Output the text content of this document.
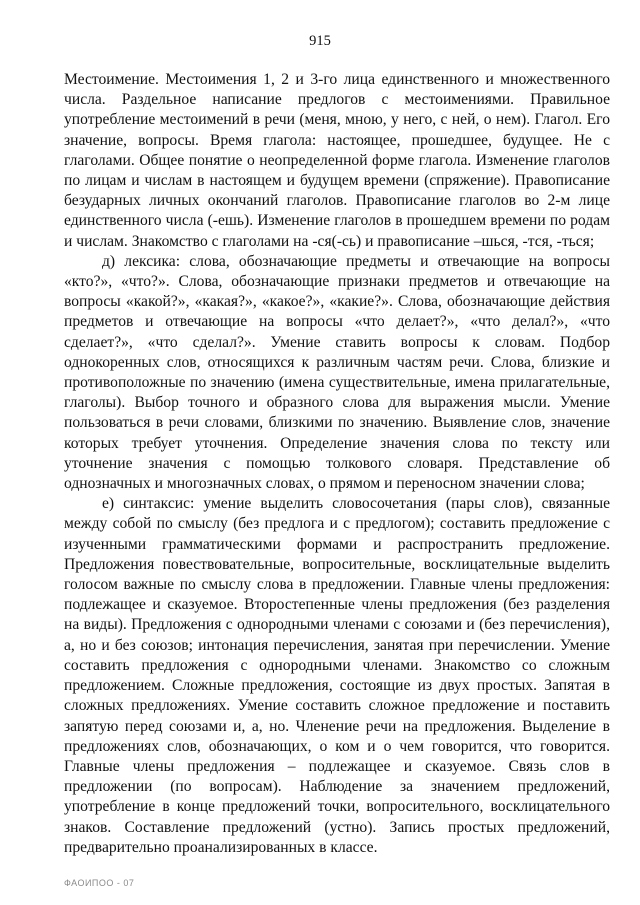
915

Местоимение. Местоимения 1, 2 и 3-го лица единственного и множественного числа. Раздельное написание предлогов с местоимениями. Правильное употребление местоимений в речи (меня, мною, у него, с ней, о нем). Глагол. Его значение, вопросы. Время глагола: настоящее, прошедшее, будущее. Не с глаголами. Общее понятие о неопределенной форме глагола. Изменение глаголов по лицам и числам в настоящем и будущем времени (спряжение). Правописание безударных личных окончаний глаголов. Правописание глаголов во 2-м лице единственного числа (-ешь). Изменение глаголов в прошедшем времени по родам и числам. Знакомство с глаголами на -ся(-сь) и правописание –шься, -тся, -ться;

д) лексика: слова, обозначающие предметы и отвечающие на вопросы «кто?», «что?». Слова, обозначающие признаки предметов и отвечающие на вопросы «какой?», «какая?», «какое?», «какие?». Слова, обозначающие действия предметов и отвечающие на вопросы «что делает?», «что делал?», «что сделает?», «что сделал?». Умение ставить вопросы к словам. Подбор однокоренных слов, относящихся к различным частям речи. Слова, близкие и противоположные по значению (имена существительные, имена прилагательные, глаголы). Выбор точного и образного слова для выражения мысли. Умение пользоваться в речи словами, близкими по значению. Выявление слов, значение которых требует уточнения. Определение значения слова по тексту или уточнение значения с помощью толкового словаря. Представление об однозначных и многозначных словах, о прямом и переносном значении слова;

е) синтаксис: умение выделить словосочетания (пары слов), связанные между собой по смыслу (без предлога и с предлогом); составить предложение с изученными грамматическими формами и распространить предложение. Предложения повествовательные, вопросительные, восклицательные выделить голосом важные по смыслу слова в предложении. Главные члены предложения: подлежащее и сказуемое. Второстепенные члены предложения (без разделения на виды). Предложения с однородными членами с союзами и (без перечисления), а, но и без союзов; интонация перечисления, занятая при перечислении. Умение составить предложения с однородными членами. Знакомство со сложным предложением. Сложные предложения, состоящие из двух простых. Запятая в сложных предложениях. Умение составить сложное предложение и поставить запятую перед союзами и, а, но. Членение речи на предложения. Выделение в предложениях слов, обозначающих, о ком и о чем говорится, что говорится. Главные члены предложения – подлежащее и сказуемое. Связь слов в предложении (по вопросам). Наблюдение за значением предложений, употребление в конце предложений точки, вопросительного, восклицательного знаков. Составление предложений (устно). Запись простых предложений, предварительно проанализированных в классе.

ФАОИПОО - 07
